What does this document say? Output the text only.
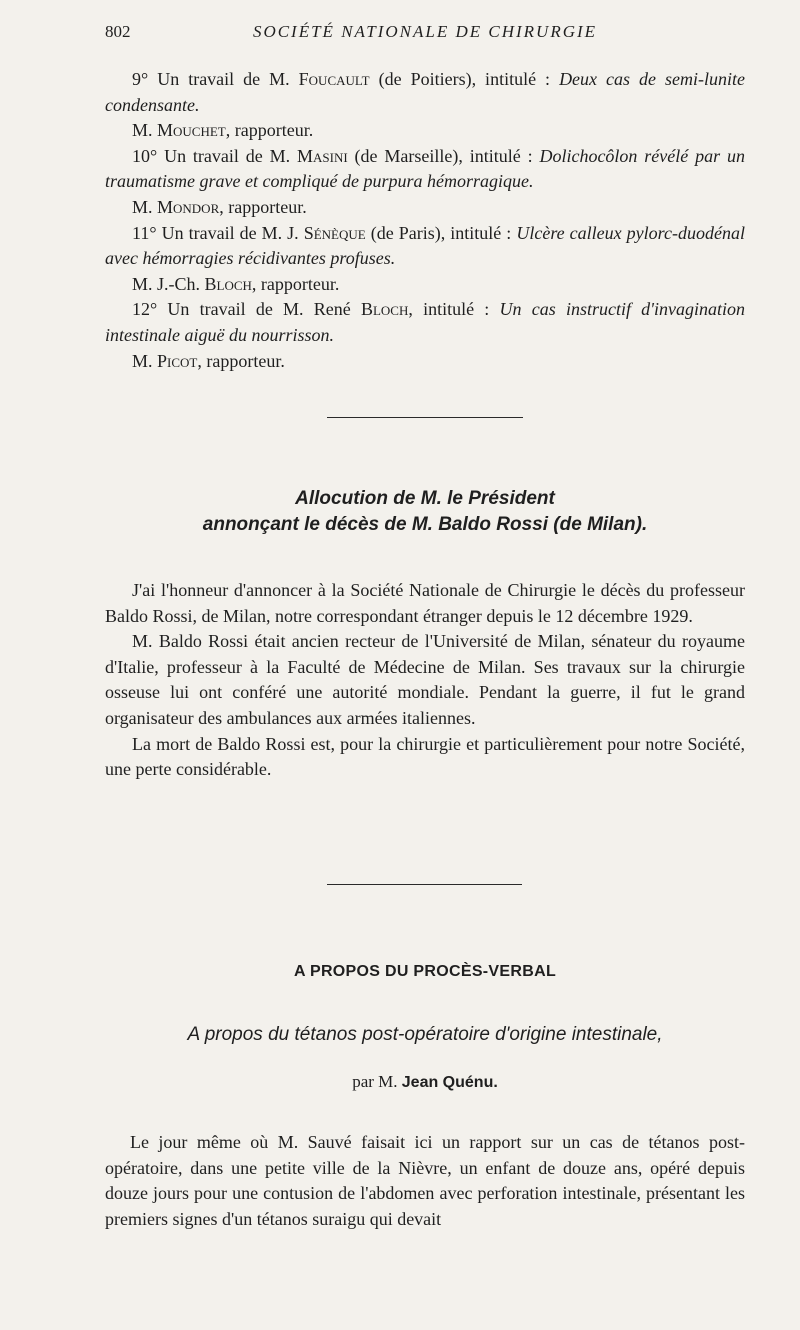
802	SOCIÉTÉ NATIONALE DE CHIRURGIE

9° Un travail de M. Foucault (de Poitiers), intitulé : Deux cas de semi-lunite condensante.

M. Mouchet, rapporteur.

10° Un travail de M. Masini (de Marseille), intitulé : Dolichocôlon révélé par un traumatisme grave et compliqué de purpura hémorragique.

M. Mondor, rapporteur.

11° Un travail de M. J. Sénèque (de Paris), intitulé : Ulcère calleux pylorc-duodénal avec hémorragies récidivantes profuses.

M. J.-Ch. Bloch, rapporteur.

12° Un travail de M. René Bloch, intitulé : Un cas instructif d'invagination intestinale aiguë du nourrisson.

M. Picot, rapporteur.

Allocution de M. le Président
annonçant le décès de M. Baldo Rossi (de Milan).

J'ai l'honneur d'annoncer à la Société Nationale de Chirurgie le décès du professeur Baldo Rossi, de Milan, notre correspondant étranger depuis le 12 décembre 1929.

M. Baldo Rossi était ancien recteur de l'Université de Milan, sénateur du royaume d'Italie, professeur à la Faculté de Médecine de Milan. Ses travaux sur la chirurgie osseuse lui ont conféré une autorité mondiale. Pendant la guerre, il fut le grand organisateur des ambulances aux armées italiennes.

La mort de Baldo Rossi est, pour la chirurgie et particulièrement pour notre Société, une perte considérable.

A PROPOS DU PROCÈS-VERBAL
A propos du tétanos post-opératoire d'origine intestinale,
par M. Jean Quénu.

Le jour même où M. Sauvé faisait ici un rapport sur un cas de tétanos post-opératoire, dans une petite ville de la Nièvre, un enfant de douze ans, opéré depuis douze jours pour une contusion de l'abdomen avec perforation intestinale, présentant les premiers signes d'un tétanos suraigu qui devait
